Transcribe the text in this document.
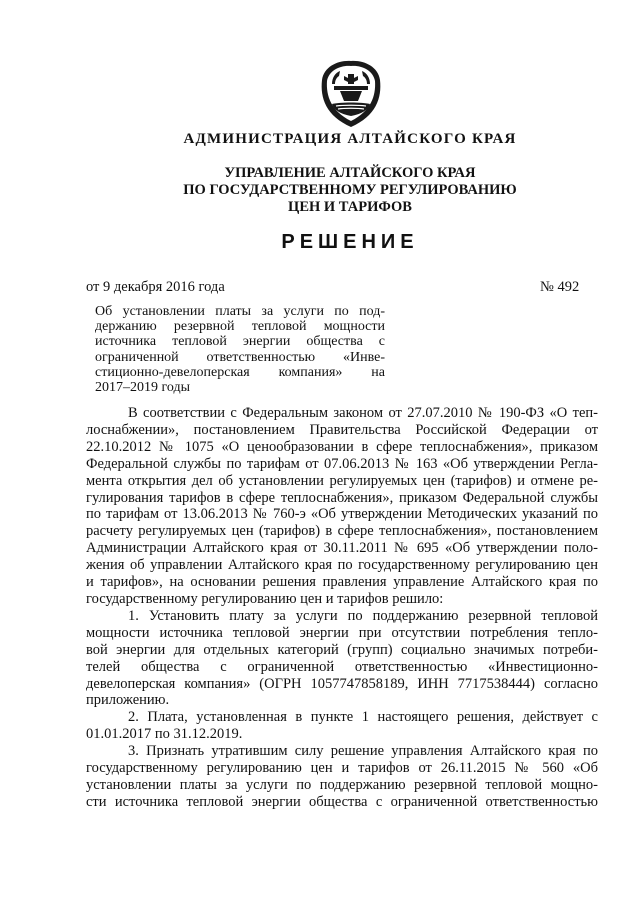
АДМИНИСТРАЦИЯ АЛТАЙСКОГО КРАЯ
УПРАВЛЕНИЕ АЛТАЙСКОГО КРАЯ
ПО ГОСУДАРСТВЕННОМУ РЕГУЛИРОВАНИЮ
ЦЕН И ТАРИФОВ
РЕШЕНИЕ
от 9 декабря 2016 года	№ 492
Об установлении платы за услуги по под-
держанию резервной тепловой мощности
источника тепловой энергии общества с
ограниченной ответственностью «Инве-
стиционно-девелоперская компания» на
2017–2019 годы
В соответствии с Федеральным законом от 27.07.2010 № 190-ФЗ «О теп-
лоснабжении», постановлением Правительства Российской Федерации от
22.10.2012 № 1075 «О ценообразовании в сфере теплоснабжения», приказом
Федеральной службы по тарифам от 07.06.2013 № 163 «Об утверждении Регла-
мента открытия дел об установлении регулируемых цен (тарифов) и отмене ре-
гулирования тарифов в сфере теплоснабжения», приказом Федеральной службы
по тарифам от 13.06.2013 № 760-э «Об утверждении Методических указаний по
расчету регулируемых цен (тарифов) в сфере теплоснабжения», постановлением
Администрации Алтайского края от 30.11.2011 № 695 «Об утверждении поло-
жения об управлении Алтайского края по государственному регулированию цен
и тарифов», на основании решения правления управление Алтайского края по
государственному регулированию цен и тарифов решило:
1. Установить плату за услуги по поддержанию резервной тепловой
мощности источника тепловой энергии при отсутствии потребления тепло-
вой энергии для отдельных категорий (групп) социально значимых потреби-
телей общества с ограниченной ответственностью «Инвестиционно-
девелоперская компания» (ОГРН 1057747858189, ИНН 7717538444) согласно
приложению.
2. Плата, установленная в пункте 1 настоящего решения, действует с
01.01.2017 по 31.12.2019.
3. Признать утратившим силу решение управления Алтайского края по
государственному регулированию цен и тарифов от 26.11.2015 № 560 «Об
установлении платы за услуги по поддержанию резервной тепловой мощно-
сти источника тепловой энергии общества с ограниченной ответственностью
